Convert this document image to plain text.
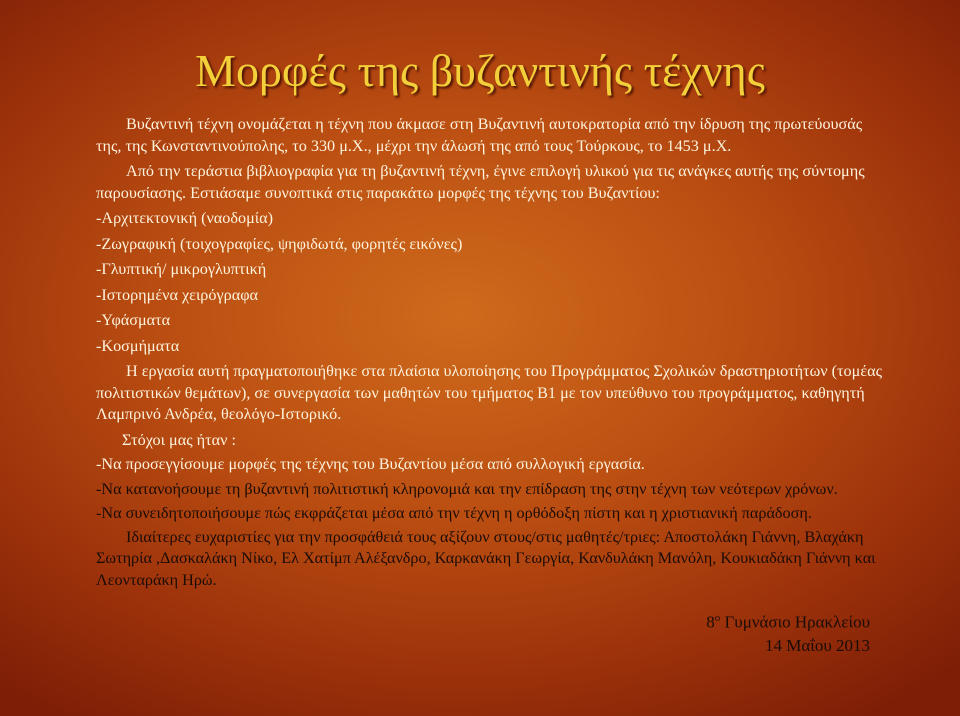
Μορφές της βυζαντινής τέχνης

Βυζαντινή τέχνη ονομάζεται η τέχνη που άκμασε στη Βυζαντινή αυτοκρατορία από την ίδρυση της πρωτεύουσάς της, της Κωνσταντινούπολης, το 330 μ.Χ., μέχρι την άλωσή της από τους Τούρκους, το 1453 μ.Χ.

Από την τεράστια βιβλιογραφία για τη βυζαντινή τέχνη, έγινε επιλογή υλικού για τις ανάγκες αυτής της σύντομης παρουσίασης. Εστιάσαμε συνοπτικά στις παρακάτω μορφές της τέχνης του Βυζαντίου:

-Αρχιτεκτονική (ναοδομία)

-Ζωγραφική (τοιχογραφίες, ψηφιδωτά, φορητές εικόνες)

-Γλυπτική/ μικρογλυπτική

-Ιστορημένα χειρόγραφα

-Υφάσματα

-Κοσμήματα

Η εργασία αυτή πραγματοποιήθηκε στα πλαίσια υλοποίησης του Προγράμματος Σχολικών δραστηριοτήτων (τομέας πολιτιστικών θεμάτων), σε συνεργασία των μαθητών του τμήματος Β1 με τον υπεύθυνο του προγράμματος, καθηγητή Λαμπρινό Ανδρέα, θεολόγο-Ιστορικό.

Στόχοι μας ήταν :

-Να προσεγγίσουμε μορφές της τέχνης του Βυζαντίου μέσα από συλλογική εργασία.

-Να κατανοήσουμε τη βυζαντινή πολιτιστική κληρονομιά και την επίδραση της στην τέχνη των νεότερων χρόνων.

-Να συνειδητοποιήσουμε πώς εκφράζεται μέσα από την τέχνη η ορθόδοξη πίστη και η χριστιανική παράδοση.

Ιδιαίτερες ευχαριστίες για την προσφάθειά τους αξίζουν στους/στις μαθητές/τριες: Αποστολάκη Γιάννη, Βλαχάκη Σωτηρία ,Δασκαλάκη Νίκο, Ελ Χατίμπ Αλέξανδρο, Καρκανάκη Γεωργία, Κανδυλάκη Μανόλη, Κουκιαδάκη Γιάννη και Λεονταράκη Ηρώ.

$8^o$ Γυμνάσιο Ηρακλείου
14 Μαΐου 2013
